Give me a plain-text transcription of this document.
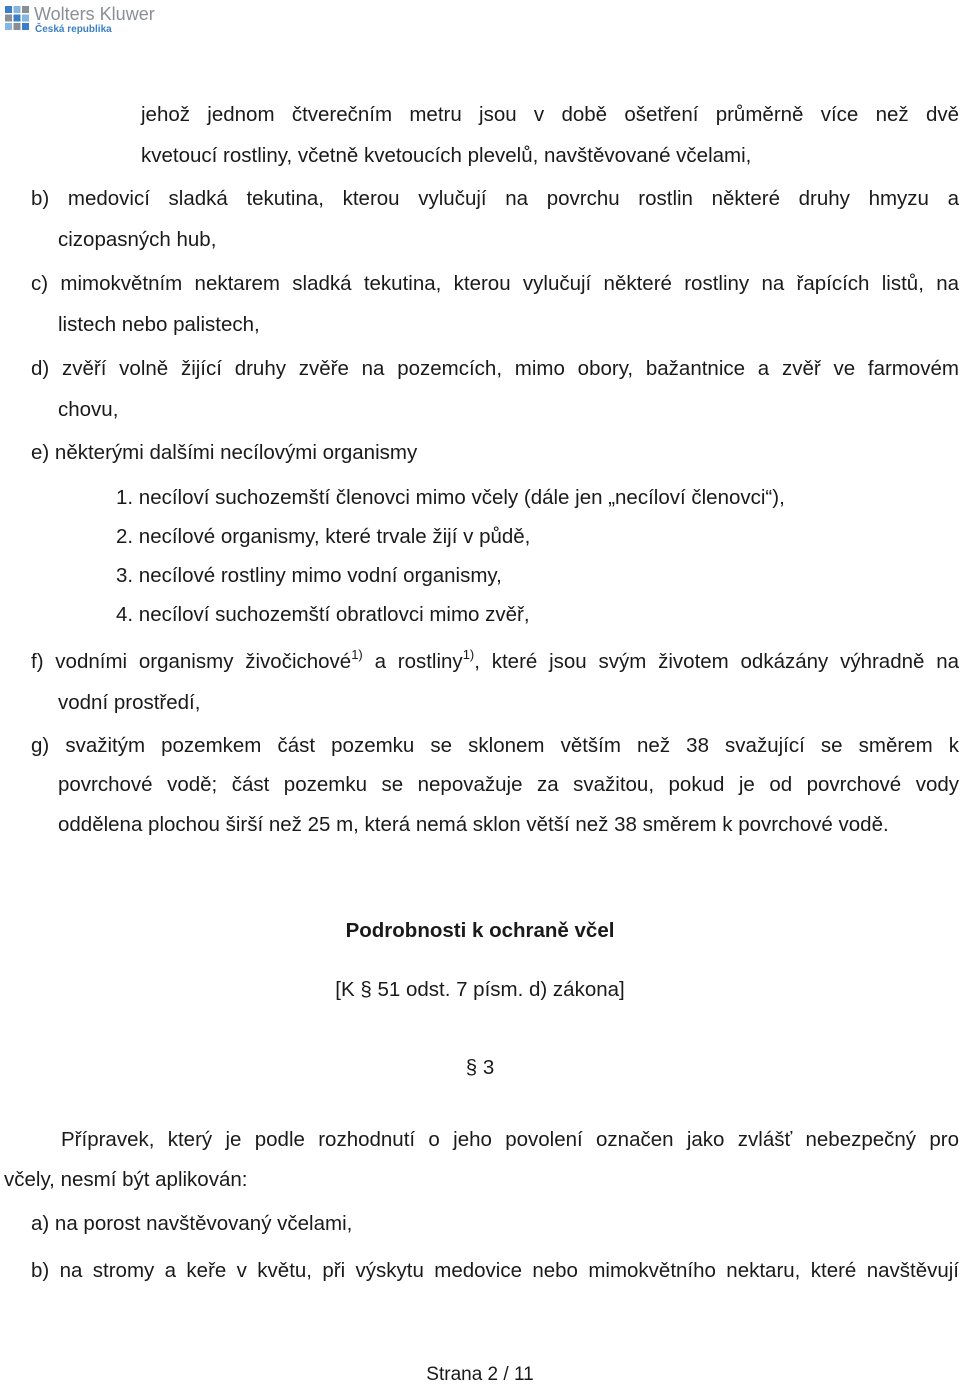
Wolters Kluwer
Česká republika
jehož jednom čtverečním metru jsou v době ošetření průměrně více než dvě
kvetoucí rostliny, včetně kvetoucích plevelů, navštěvované včelami,
b) medovicí sladká tekutina, kterou vylučují na povrchu rostlin některé druhy hmyzu a
cizopasných hub,
c) mimokvětním nektarem sladká tekutina, kterou vylučují některé rostliny na řapících listů, na
listech nebo palistech,
d) zvěří volně žijící druhy zvěře na pozemcích, mimo obory, bažantnice a zvěř ve farmovém
chovu,
e) některými dalšími necílovými organismy
1. necíloví suchozemští členovci mimo včely (dále jen „necíloví členovci“),
2. necílové organismy, které trvale žijí v půdě,
3. necílové rostliny mimo vodní organismy,
4. necíloví suchozemští obratlovci mimo zvěř,
f) vodními organismy živočichové$^{1)}$ a rostliny$^{1)}$, které jsou svým životem odkázány výhradně na
vodní prostředí,
g) svažitým pozemkem část pozemku se sklonem větším než 38 svažující se směrem k
povrchové vodě; část pozemku se nepovažuje za svažitou, pokud je od povrchové vody
oddělena plochou širší než 25 m, která nemá sklon větší než 38 směrem k povrchové vodě.
Podrobnosti k ochraně včel
[K § 51 odst. 7 písm. d) zákona]
§ 3
Přípravek, který je podle rozhodnutí o jeho povolení označen jako zvlášť nebezpečný pro
včely, nesmí být aplikován:
a) na porost navštěvovaný včelami,
b) na stromy a keře v květu, při výskytu medovice nebo mimokvětního nektaru, které navštěvují
Strana 2 / 11
